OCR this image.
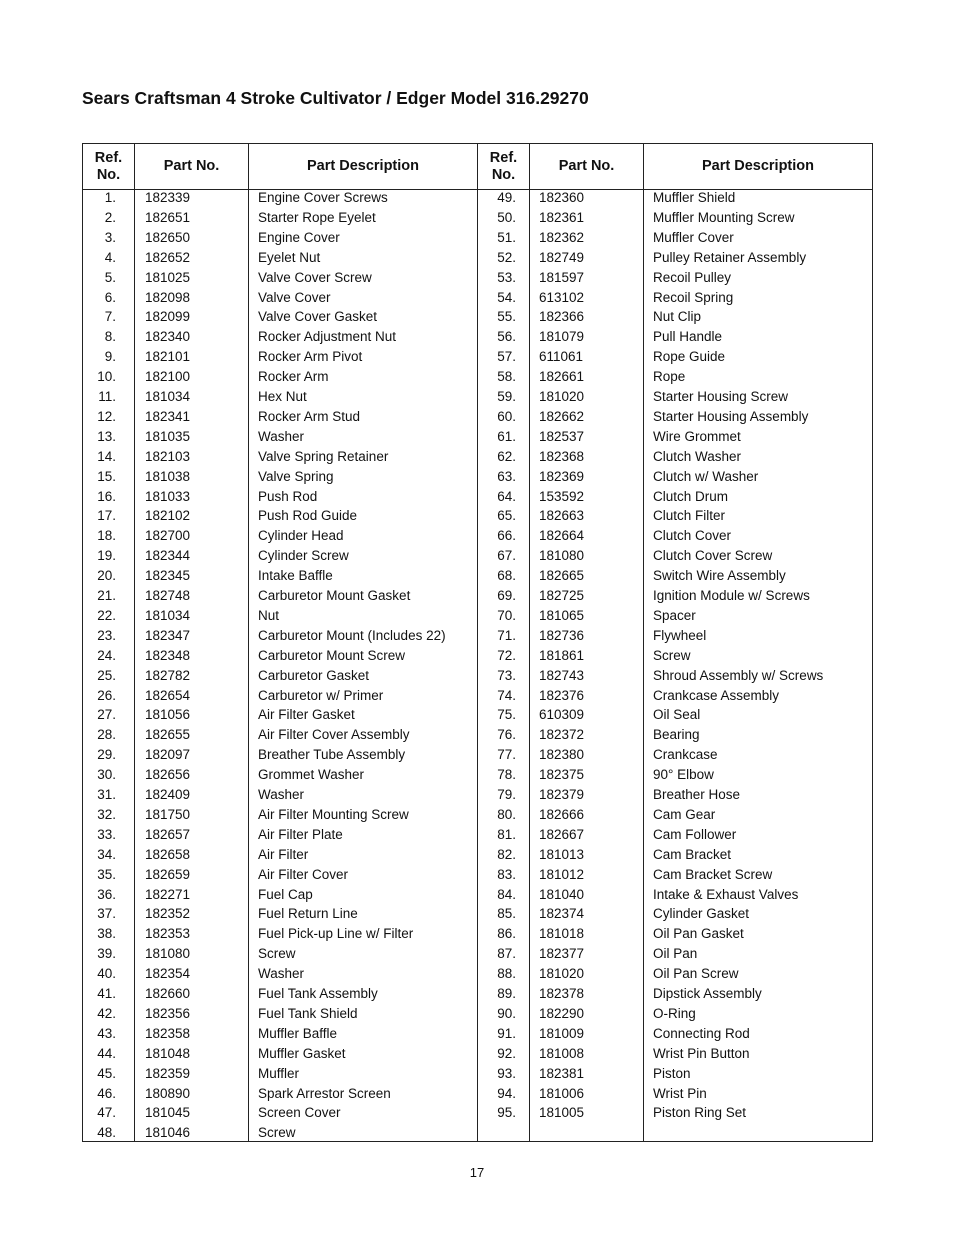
Sears Craftsman 4 Stroke Cultivator / Edger Model 316.29270
Ref. No.
Part No.	Part Description
Ref. No.
Part No.	Part Description
1. 182339	Engine Cover Screws	49. 182360	Muffler Shield
2. 182651	Starter Rope Eyelet	50. 182361	Muffler Mounting Screw
3. 182650	Engine Cover	51. 182362	Muffler Cover
4. 182652	Eyelet Nut	52. 182749	Pulley Retainer Assembly
5. 181025	Valve Cover Screw	53. 181597	Recoil Pulley
6. 182098	Valve Cover	54. 613102	Recoil Spring
7. 182099	Valve Cover Gasket	55. 182366	Nut Clip
8. 182340	Rocker Adjustment Nut	56. 181079	Pull Handle
9. 182101	Rocker Arm Pivot	57. 611061	Rope Guide
10. 182100	Rocker Arm	58. 182661	Rope
11. 181034	Hex Nut	59. 181020	Starter Housing Screw
12. 182341	Rocker Arm Stud	60. 182662	Starter Housing Assembly
13. 181035	Washer	61. 182537	Wire Grommet
14. 182103	Valve Spring Retainer	62. 182368	Clutch Washer
15. 181038	Valve Spring	63. 182369	Clutch w/ Washer
16. 181033	Push Rod	64. 153592	Clutch Drum
17. 182102	Push Rod Guide	65. 182663	Clutch Filter
18. 182700	Cylinder Head	66. 182664	Clutch Cover
19. 182344	Cylinder Screw	67. 181080	Clutch Cover Screw
20. 182345	Intake Baffle	68. 182665	Switch Wire Assembly
21. 182748	Carburetor Mount Gasket	69. 182725	Ignition Module w/ Screws
22. 181034	Nut	70. 181065	Spacer
23. 182347	Carburetor Mount (Includes 22)	71. 182736	Flywheel
24. 182348	Carburetor Mount Screw	72. 181861	Screw
25. 182782	Carburetor Gasket	73. 182743	Shroud Assembly w/ Screws
26. 182654	Carburetor w/ Primer	74. 182376	Crankcase Assembly
27. 181056	Air Filter Gasket	75. 610309	Oil Seal
28. 182655	Air Filter Cover Assembly	76. 182372	Bearing
29. 182097	Breather Tube Assembly	77. 182380	Crankcase
30. 182656	Grommet Washer	78. 182375	90° Elbow
31. 182409	Washer	79. 182379	Breather Hose
32. 181750	Air Filter Mounting Screw	80. 182666	Cam Gear
33. 182657	Air Filter Plate	81. 182667	Cam Follower
34. 182658	Air Filter	82. 181013	Cam Bracket
35. 182659	Air Filter Cover	83. 181012	Cam Bracket Screw
36. 182271	Fuel Cap	84. 181040	Intake & Exhaust Valves
37. 182352	Fuel Return Line	85. 182374	Cylinder Gasket
38. 182353	Fuel Pick-up Line w/ Filter	86. 181018	Oil Pan Gasket
39. 181080	Screw	87. 182377	Oil Pan
40. 182354	Washer	88. 181020	Oil Pan Screw
41. 182660	Fuel Tank Assembly	89. 182378	Dipstick Assembly
42. 182356	Fuel Tank Shield	90. 182290	O-Ring
43. 182358	Muffler Baffle	91. 181009	Connecting Rod
44. 181048	Muffler Gasket	92. 181008	Wrist Pin Button
45. 182359	Muffler	93. 182381	Piston
46. 180890	Spark Arrestor Screen	94. 181006	Wrist Pin
47. 181045	Screen Cover	95. 181005	Piston Ring Set
48. 181046	Screw
17
